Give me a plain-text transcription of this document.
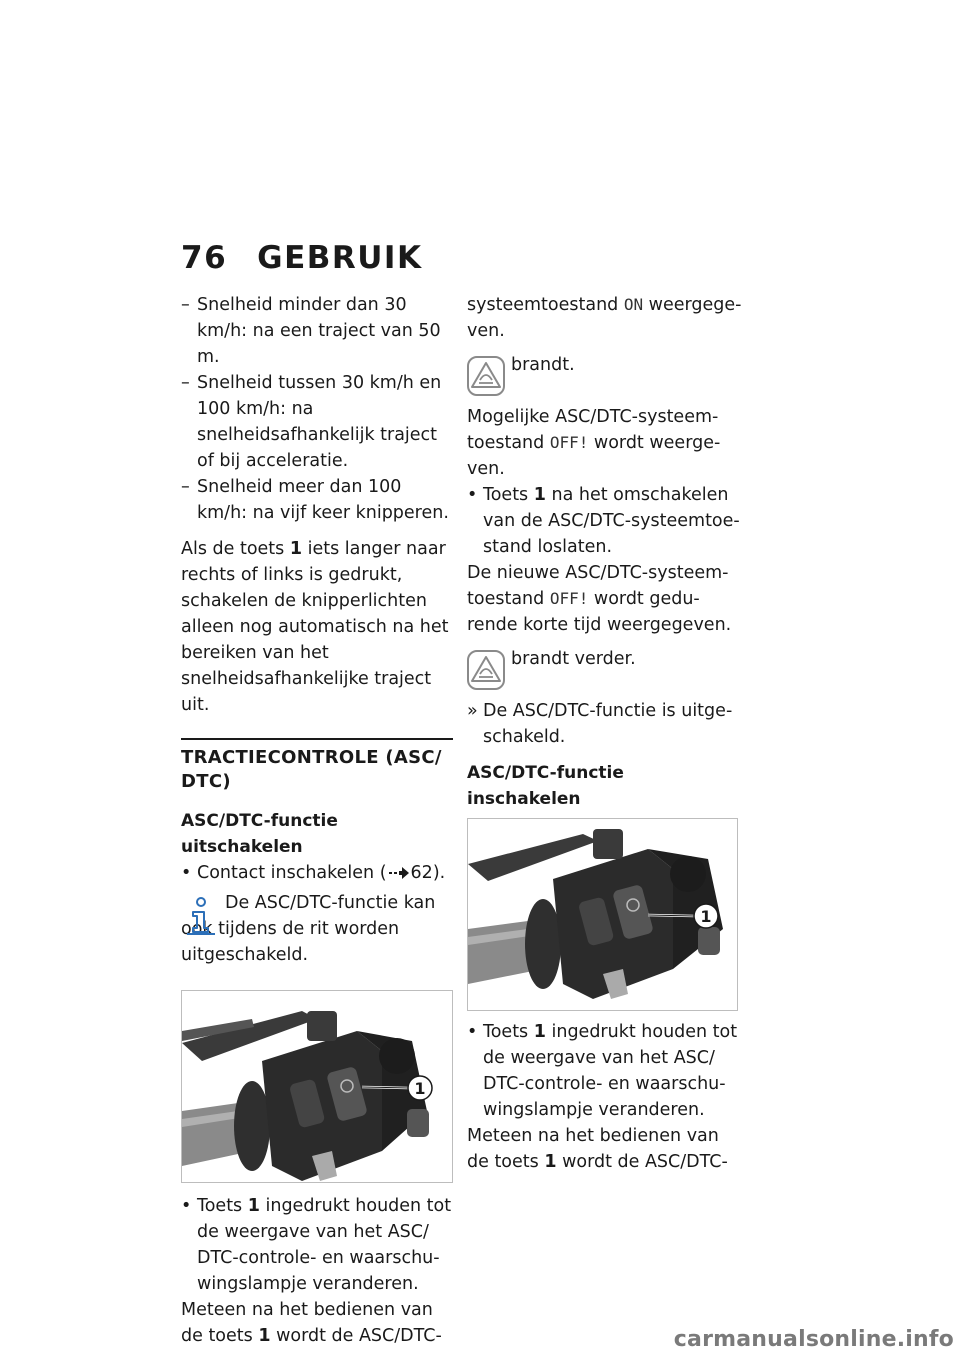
76 GEBRUIK
– Snelheid minder dan 30 km/h: na een traject van 50 m.
– Snelheid tussen 30 km/h en 100 km/h: na snelheidsafhankelijk traject of bij acceleratie.
– Snelheid meer dan 100 km/h: na vijf keer knipperen.

Als de toets 1 iets langer naar rechts of links is gedrukt, schakelen de knipperlichten alleen nog automatisch na het bereiken van het snelheidsafhankelijke traject uit.

TRACTIECONTROLE (ASC/ DTC)
ASC/DTC-functie uitschakelen
• Contact inschakelen ( 62).
De ASC/DTC-functie kan ook tijdens de rit worden uitgeschakeld.
1
• Toets 1 ingedrukt houden tot de weergave van het ASC/ DTC-controle- en waarschuwingslampje veranderen.

Meteen na het bedienen van de toets 1 wordt de ASC/DTC-

systeemtoestand ON weergegeven.

brandt.

Mogelijke ASC/DTC-systeemtoestand OFF! wordt weergeven.

• Toets 1 na het omschakelen van de ASC/DTC-systeemtoestand loslaten.

De nieuwe ASC/DTC-systeemtoestand OFF! wordt gedurende korte tijd weergegeven.

brandt verder.
» De ASC/DTC-functie is uitgeschakeld.
ASC/DTC-functie inschakelen
1
• Toets 1 ingedrukt houden tot de weergave van het ASC/ DTC-controle- en waarschuwingslampje veranderen.

Meteen na het bedienen van de toets 1 wordt de ASC/DTC-

carmanualsonline.info
